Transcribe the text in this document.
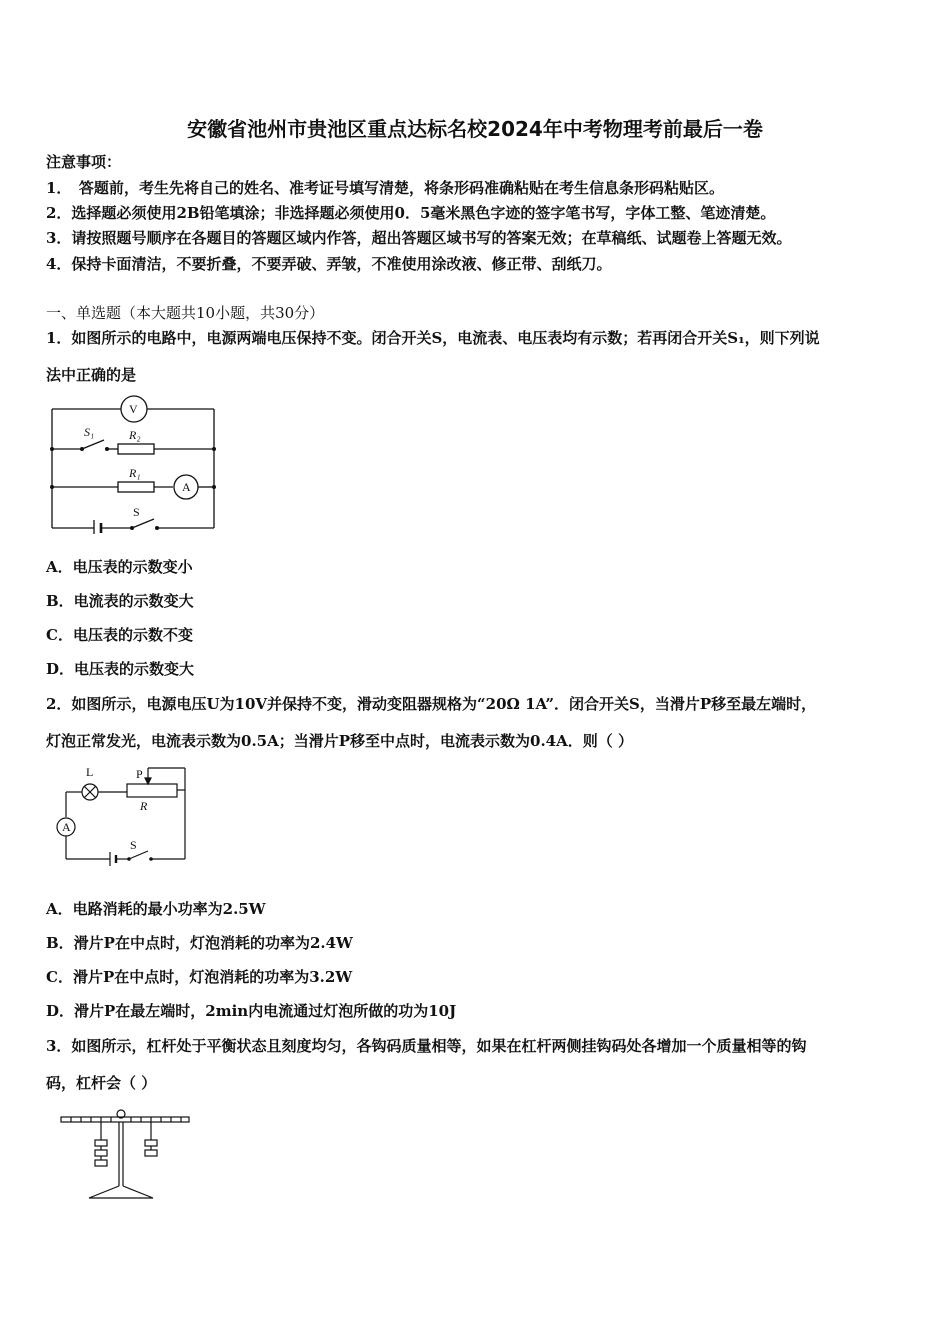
安徽省池州市贵池区重点达标名校2024年中考物理考前最后一卷
注意事项：
1．　答题前，考生先将自己的姓名、准考证号填写清楚，将条形码准确粘贴在考生信息条形码粘贴区。
2．选择题必须使用2B铅笔填涂；非选择题必须使用0．5毫米黑色字迹的签字笔书写，字体工整、笔迹清楚。
3．请按照题号顺序在各题目的答题区域内作答，超出答题区域书写的答案无效；在草稿纸、试题卷上答题无效。
4．保持卡面清洁，不要折叠，不要弄破、弄皱，不准使用涂改液、修正带、刮纸刀。
一、单选题（本大题共10小题，共30分）
1．如图所示的电路中，电源两端电压保持不变。闭合开关S，电流表、电压表均有示数；若再闭合开关S₁，则下列说
法中正确的是
V
A
S₁	R₂
R₁
S
A．电压表的示数变小
B．电流表的示数变大
C．电压表的示数不变
D．电压表的示数变大
2．如图所示，电源电压U为10V并保持不变，滑动变阻器规格为“20Ω 1A”．闭合开关S，当滑片P移至最左端时，
灯泡正常发光，电流表示数为0.5A；当滑片P移至中点时，电流表示数为0.4A．则（ ）
L	P
R
A
S
A．电路消耗的最小功率为2.5W
B．滑片P在中点时，灯泡消耗的功率为2.4W
C．滑片P在中点时，灯泡消耗的功率为3.2W
D．滑片P在最左端时，2min内电流通过灯泡所做的功为10J
3．如图所示，杠杆处于平衡状态且刻度均匀，各钩码质量相等，如果在杠杆两侧挂钩码处各增加一个质量相等的钩
码，杠杆会（ ）
